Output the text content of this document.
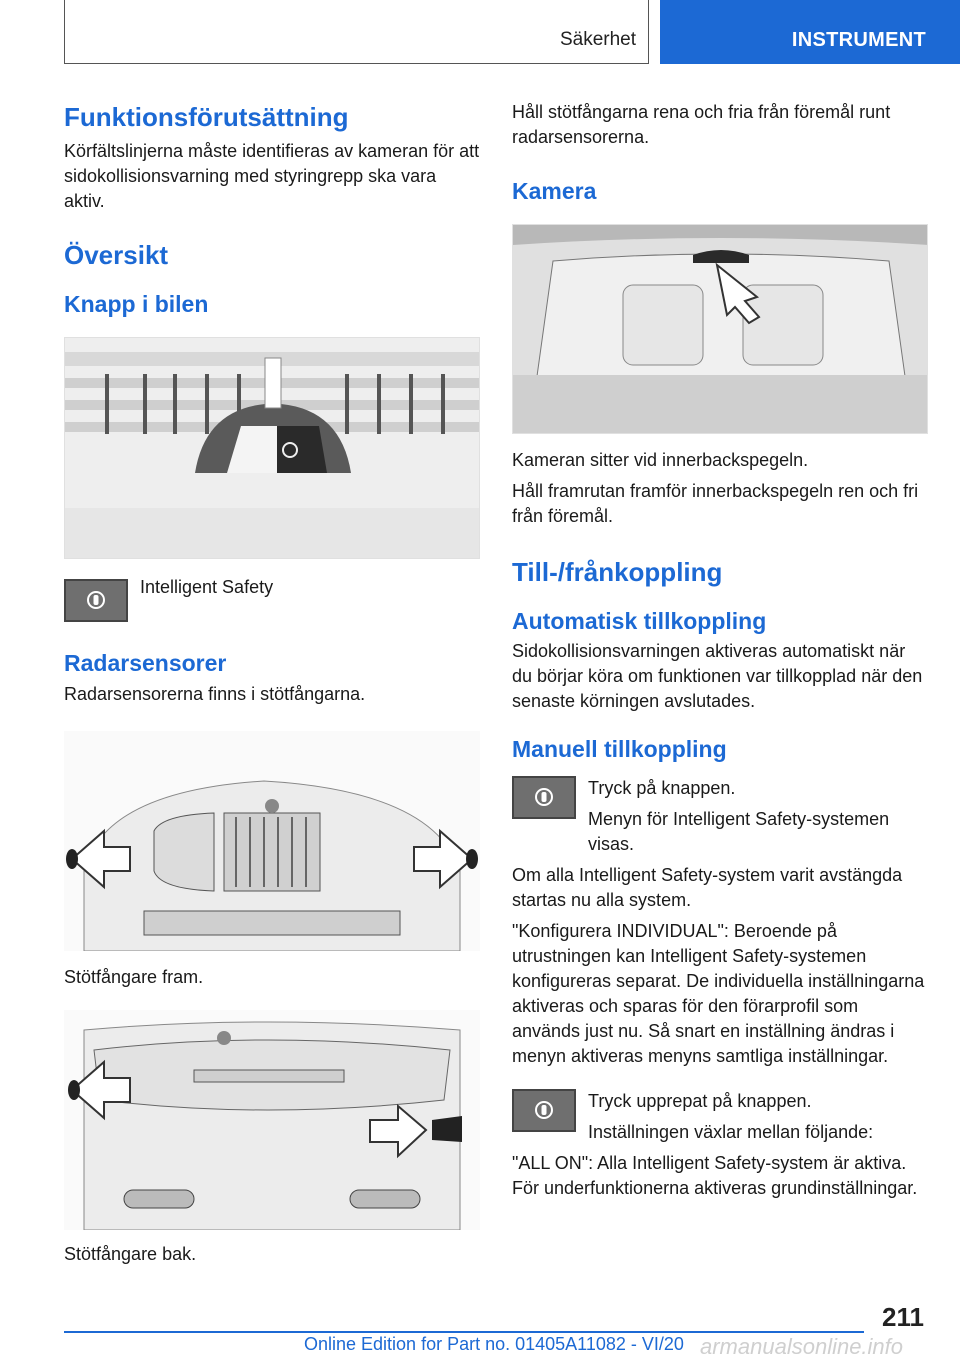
Säkerhet	INSTRUMENT
Funktionsförutsättning

Körfältslinjerna måste identifieras av kameran för att sidokollisionsvarning med styringrepp ska vara aktiv.

Översikt
Knapp i bilen
Intelligent Safety
Radarsensorer

Radarsensorerna finns i stötfångarna.

Stötfångare fram.

Stötfångare bak.

Håll stötfångarna rena och fria från föremål runt radarsensorerna.

Kamera

Kameran sitter vid innerbackspegeln.

Håll framrutan framför innerbackspegeln ren och fri från föremål.

Till-/frånkoppling
Automatisk tillkoppling

Sidokollisionsvarningen aktiveras automatiskt när du börjar köra om funktionen var tillkopplad när den senaste körningen avslutades.

Manuell tillkoppling

Tryck på knappen.

Menyn för Intelligent Safety-systemen visas.

Om alla Intelligent Safety-system varit avstängda startas nu alla system.

"Konfigurera INDIVIDUAL": Beroende på utrustningen kan Intelligent Safety-systemen konfigureras separat. De individuella inställningarna aktiveras och sparas för den förarprofil som används just nu. Så snart en inställning ändras i menyn aktiveras menyns samtliga inställningar.

Tryck upprepat på knappen.

Inställningen växlar mellan följande:

"ALL ON": Alla Intelligent Safety-system är aktiva. För underfunktionerna aktiveras grundinställningar.

211
Online Edition for Part no. 01405A11082 - VI/20 armanualsonline.info
